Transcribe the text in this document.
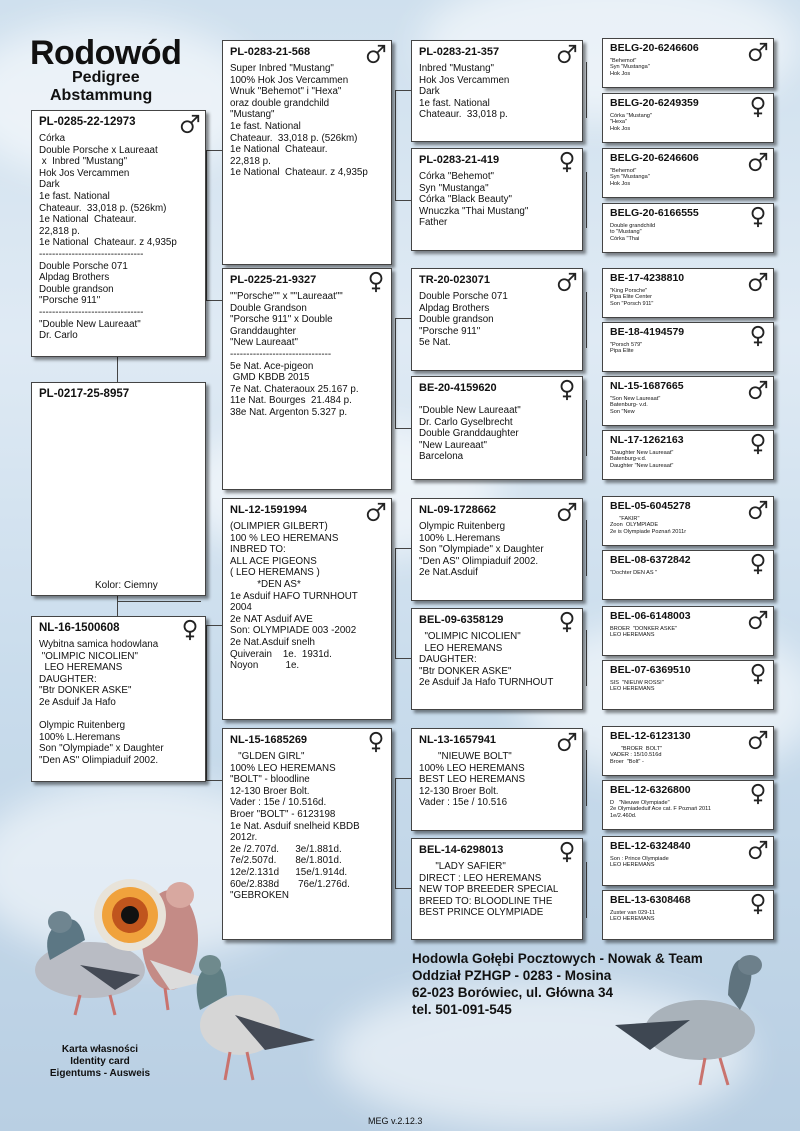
Rodowód
Pedigree
Abstammung
PL-0285-22-12973
Córka
Double Porsche x Laureaat
x  Inbred "Mustang"
Hok Jos Vercammen
Dark
1e fast. National
Chateaur.  33,018 p. (526km)
1e National  Chateaur.
22,818 p.
1e National  Chateaur. z 4,935p
--------------------------------
Double Porsche 071
Alpdag Brothers
Double grandson
"Porsche 911"
--------------------------------
"Double New Laureaat"
Dr. Carlo
PL-0217-25-8957
Kolor: Ciemny
NL-16-1500608
Wybitna samica hodowlana
"OLIMPIC NICOLIEN"
LEO HEREMANS
DAUGHTER:
"Btr DONKER ASKE"
2e Asduif Ja Hafo

Olympic Ruitenberg
100% L.Heremans
Son "Olympiade" x Daughter
"Den AS" Olimpiaduif 2002.
PL-0283-21-568
Super Inbred "Mustang"
100% Hok Jos Vercammen
Wnuk "Behemot" i "Hexa"
oraz double grandchild
"Mustang"
1e fast. National
Chateaur.  33,018 p. (526km)
1e National  Chateaur.
22,818 p.
1e National  Chateaur. z 4,935p
PL-0225-21-9327
""Porsche"" x ""Laureaat""
Double Grandson
"Porsche 911" x Double
Granddaughter
"New Laureaat"
-------------------------------
5e Nat. Ace-pigeon
GMD KBDB 2015
7e Nat. Chateraoux 25.167 p.
11e Nat. Bourges  21.484 p.
38e Nat. Argenton 5.327 p.
NL-12-1591994
(OLIMPIER GILBERT)
100 % LEO HEREMANS
INBRED TO:
ALL ACE PIGEONS
( LEO HEREMANS )
*DEN AS*
1e Asduif HAFO TURNHOUT
2004
2e NAT Asduif AVE
Son: OLYMPIADE 003 -2002
2e Nat.Asduif snelh
Quiverain    1e.  1931d.
Noyon          1e.
NL-15-1685269
"GLDEN GIRL"
100% LEO HEREMANS
"BOLT" - bloodline
12-130 Broer Bolt.
Vader : 15e / 10.516d.
Broer "BOLT" - 6123198
1e Nat. Asduif snelheid KBDB
2012r.
2e /2.707d.      3e/1.881d.
7e/2.507d.       8e/1.801d.
12e/2.131d      15e/1.914d.
60e/2.838d       76e/1.276d.
"GEBROKEN
PL-0283-21-357
Inbred "Mustang"
Hok Jos Vercammen
Dark
1e fast. National
Chateaur.  33,018 p.
PL-0283-21-419
Córka "Behemot"
Syn "Mustanga"
Córka "Black Beauty"
Wnuczka "Thai Mustang"
Father
TR-20-023071
Double Porsche 071
Alpdag Brothers
Double grandson
"Porsche 911"
5e Nat.
BE-20-4159620
"Double New Laureaat"
Dr. Carlo Gyselbrecht
Double Granddaughter
"New Laureaat"
Barcelona
NL-09-1728662
Olympic Ruitenberg
100% L.Heremans
Son "Olympiade" x Daughter
"Den AS" Olimpiaduif 2002.
2e Nat.Asduif
BEL-09-6358129
"OLIMPIC NICOLIEN"
LEO HEREMANS
DAUGHTER:
"Btr DONKER ASKE"
2e Asduif Ja Hafo TURNHOUT
NL-13-1657941
"NIEUWE BOLT"
100% LEO HEREMANS
BEST LEO HEREMANS
12-130 Broer Bolt.
Vader : 15e / 10.516
BEL-14-6298013
"LADY SAFIER"
DIRECT : LEO HEREMANS
NEW TOP BREEDER SPECIAL
BREED TO: BLOODLINE THE
BEST PRINCE OLYMPIADE
BELG-20-6246606
"Behemot"
Syn "Mustanga"
Hok Jos
BELG-20-6249359
Córka "Mustang"
"Hexa"
Hok Jos
BELG-20-6246606
"Behemot"
Syn "Mustanga"
Hok Jos
BELG-20-6166555
Double grandchild
to "Mustang"
Córka "Thai
BE-17-4238810
"King Porsche"
Pipa Elite Center
Son "Porsch 911"
BE-18-4194579
"Porsch 579"
Pipa Elite
NL-15-1687665
"Son New Laureaat"
Batenburg- v.d.
Son "New
NL-17-1262163
"Daughter New Laureaat"
Batenburg-v.d.
Daughter "New Laureaat"
BEL-05-6045278
"FAKIR"
Zoon  OLYMPIADE
2e is Olympiade Poznań 2011r
BEL-08-6372842
"Dochter DEN AS "
BEL-06-6148003
BROER  "DONKER ASKE"
LEO HEREMANS
BEL-07-6369510
SIS  "NIEUW ROSSI"
LEO HEREMANS
BEL-12-6123130
"BROER  BOLT"
VADER : 15/10.516d
Broer  "Bolt" -
BEL-12-6326800
D   "Nieuwe Olympiade"
2e Olymiadeduif Ace cat. F Poznań 2011
1e/2.460d.
BEL-12-6324840
Son : Prince Olympiade
LEO HEREMANS
BEL-13-6308468
Zuster van 029-11
LEO HEREMANS
Hodowla Gołębi Pocztowych - Nowak & Team
Oddział PZHGP - 0283 - Mosina
62-023 Borówiec, ul. Główna 34
tel. 501-091-545
Karta własności
Identity card
Eigentums - Ausweis
MEG v.2.12.3
